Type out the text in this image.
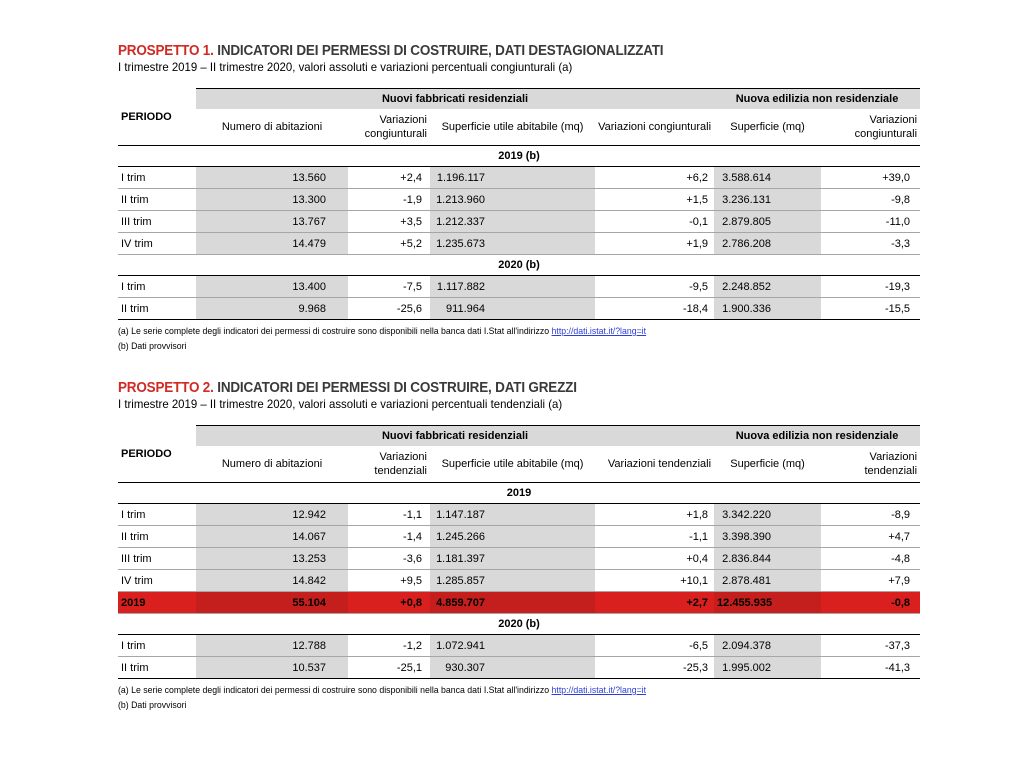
PROSPETTO 1. INDICATORI DEI PERMESSI DI COSTRUIRE, DATI DESTAGIONALIZZATI
I trimestre 2019 – II trimestre 2020, valori assoluti e variazioni percentuali congiunturali (a)
PERIODO	Nuovi fabbricati residenziali				Nuova edilizia non residenziale	
	Numero di abitazioni	Variazioni congiunturali	Superficie utile abitabile (mq)	Variazioni congiunturali	Superficie (mq)	Variazioni congiunturali
2019 (b)						
I trim	13.560	+2,4	1.196.117	+6,2	3.588.614	+39,0
II trim	13.300	-1,9	1.213.960	+1,5	3.236.131	-9,8
III trim	13.767	+3,5	1.212.337	-0,1	2.879.805	-11,0
IV trim	14.479	+5,2	1.235.673	+1,9	2.786.208	-3,3
2020 (b)						
I trim	13.400	-7,5	1.117.882	-9,5	2.248.852	-19,3
II trim	9.968	-25,6	911.964	-18,4	1.900.336	-15,5
(a) Le serie complete degli indicatori dei permessi di costruire sono disponibili nella banca dati I.Stat all'indirizzo http://dati.istat.it/?lang=it
(b) Dati provvisori
PROSPETTO 2. INDICATORI DEI PERMESSI DI COSTRUIRE, DATI GREZZI
I trimestre 2019 – II trimestre 2020, valori assoluti e variazioni percentuali tendenziali (a)
PERIODO	Nuovi fabbricati residenziali				Nuova edilizia non residenziale	
	Numero di abitazioni	Variazioni tendenziali	Superficie utile abitabile (mq)	Variazioni tendenziali	Superficie (mq)	Variazioni tendenziali
2019						
I trim	12.942	-1,1	1.147.187	+1,8	3.342.220	-8,9
II trim	14.067	-1,4	1.245.266	-1,1	3.398.390	+4,7
III trim	13.253	-3,6	1.181.397	+0,4	2.836.844	-4,8
IV trim	14.842	+9,5	1.285.857	+10,1	2.878.481	+7,9
2019	55.104	+0,8	4.859.707	+2,7	12.455.935	-0,8
2020 (b)						
I trim	12.788	-1,2	1.072.941	-6,5	2.094.378	-37,3
II trim	10.537	-25,1	930.307	-25,3	1.995.002	-41,3
(a) Le serie complete degli indicatori dei permessi di costruire sono disponibili nella banca dati I.Stat all'indirizzo http://dati.istat.it/?lang=it
(b) Dati provvisori
